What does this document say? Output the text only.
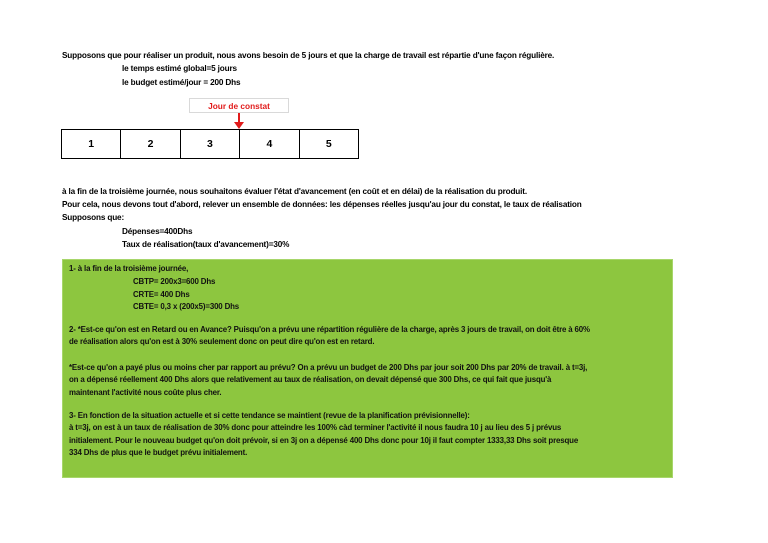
Supposons que pour réaliser un produit, nous avons besoin de 5 jours et que la charge de travail est répartie d'une façon régulière.
le temps estimé global=5 jours
le budget estimé/jour = 200 Dhs
Jour de constat
1	2	3	4	5
à la fin de la troisième journée, nous souhaitons évaluer l'état d'avancement (en coût et en délai) de la réalisation du produit.
Pour cela, nous devons tout d'abord, relever un ensemble de données: les dépenses réelles jusqu'au jour du constat, le taux de réalisation
Supposons que:
Dépenses=400Dhs
Taux de réalisation(taux d'avancement)=30%
1- à la fin de la troisième journée,
CBTP= 200x3=600 Dhs
CRTE= 400 Dhs
CBTE= 0,3 x (200x5)=300 Dhs
2- *Est-ce qu'on est en Retard ou en Avance? Puisqu'on a prévu une répartition régulière de la charge, après 3 jours de travail, on doit être à 60%
de réalisation alors qu'on est à 30% seulement donc on peut dire qu'on est en retard.
*Est-ce qu'on a payé plus ou moins cher par rapport au prévu? On a prévu un budget de 200 Dhs par jour soit 200 Dhs par 20% de travail. à t=3j,
on a dépensé réellement 400 Dhs alors que relativement au taux de réalisation, on devait dépensé que 300 Dhs, ce qui fait que jusqu'à
maintenant l'activité nous coûte plus cher.
3- En fonction de la situation actuelle et si cette tendance se maintient (revue de la planification prévisionnelle):
à t=3j, on est à un taux de réalisation de 30% donc pour atteindre les 100% càd terminer l'activité il nous faudra 10 j au lieu des 5 j prévus
initialement. Pour le nouveau budget qu'on doit prévoir, si en 3j on a dépensé 400 Dhs donc pour 10j il faut compter 1333,33 Dhs soit presque
334 Dhs de plus que le budget prévu initialement.
